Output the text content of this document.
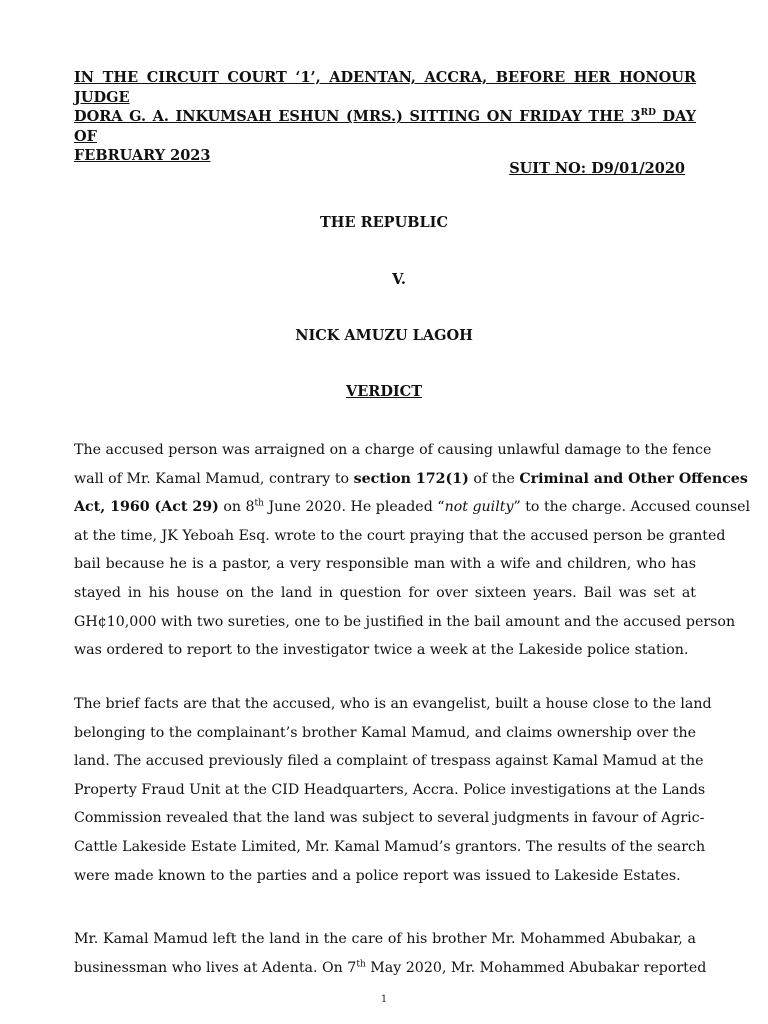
IN THE CIRCUIT COURT ‘1’, ADENTAN, ACCRA, BEFORE HER HONOUR JUDGE
DORA G. A. INKUMSAH ESHUN (MRS.) SITTING ON FRIDAY THE 3RD DAY OF
FEBRUARY 2023
SUIT NO: D9/01/2020
THE REPUBLIC
V.
NICK AMUZU LAGOH
VERDICT

The accused person was arraigned on a charge of causing unlawful damage to the fence
wall of Mr. Kamal Mamud, contrary to section 172(1) of the Criminal and Other Offences
Act, 1960 (Act 29) on 8th June 2020. He pleaded “not guilty” to the charge. Accused counsel
at the time, JK Yeboah Esq. wrote to the court praying that the accused person be granted
bail because he is a pastor, a very responsible man with a wife and children, who has
stayed in his house on the land in question for over sixteen years. Bail was set at
GH¢10,000 with two sureties, one to be justified in the bail amount and the accused person
was ordered to report to the investigator twice a week at the Lakeside police station.

The brief facts are that the accused, who is an evangelist, built a house close to the land
belonging to the complainant’s brother Kamal Mamud, and claims ownership over the
land. The accused previously filed a complaint of trespass against Kamal Mamud at the
Property Fraud Unit at the CID Headquarters, Accra. Police investigations at the Lands
Commission revealed that the land was subject to several judgments in favour of Agric-
Cattle Lakeside Estate Limited, Mr. Kamal Mamud’s grantors. The results of the search
were made known to the parties and a police report was issued to Lakeside Estates.

Mr. Kamal Mamud left the land in the care of his brother Mr. Mohammed Abubakar, a
businessman who lives at Adenta. On 7th May 2020, Mr. Mohammed Abubakar reported

1
